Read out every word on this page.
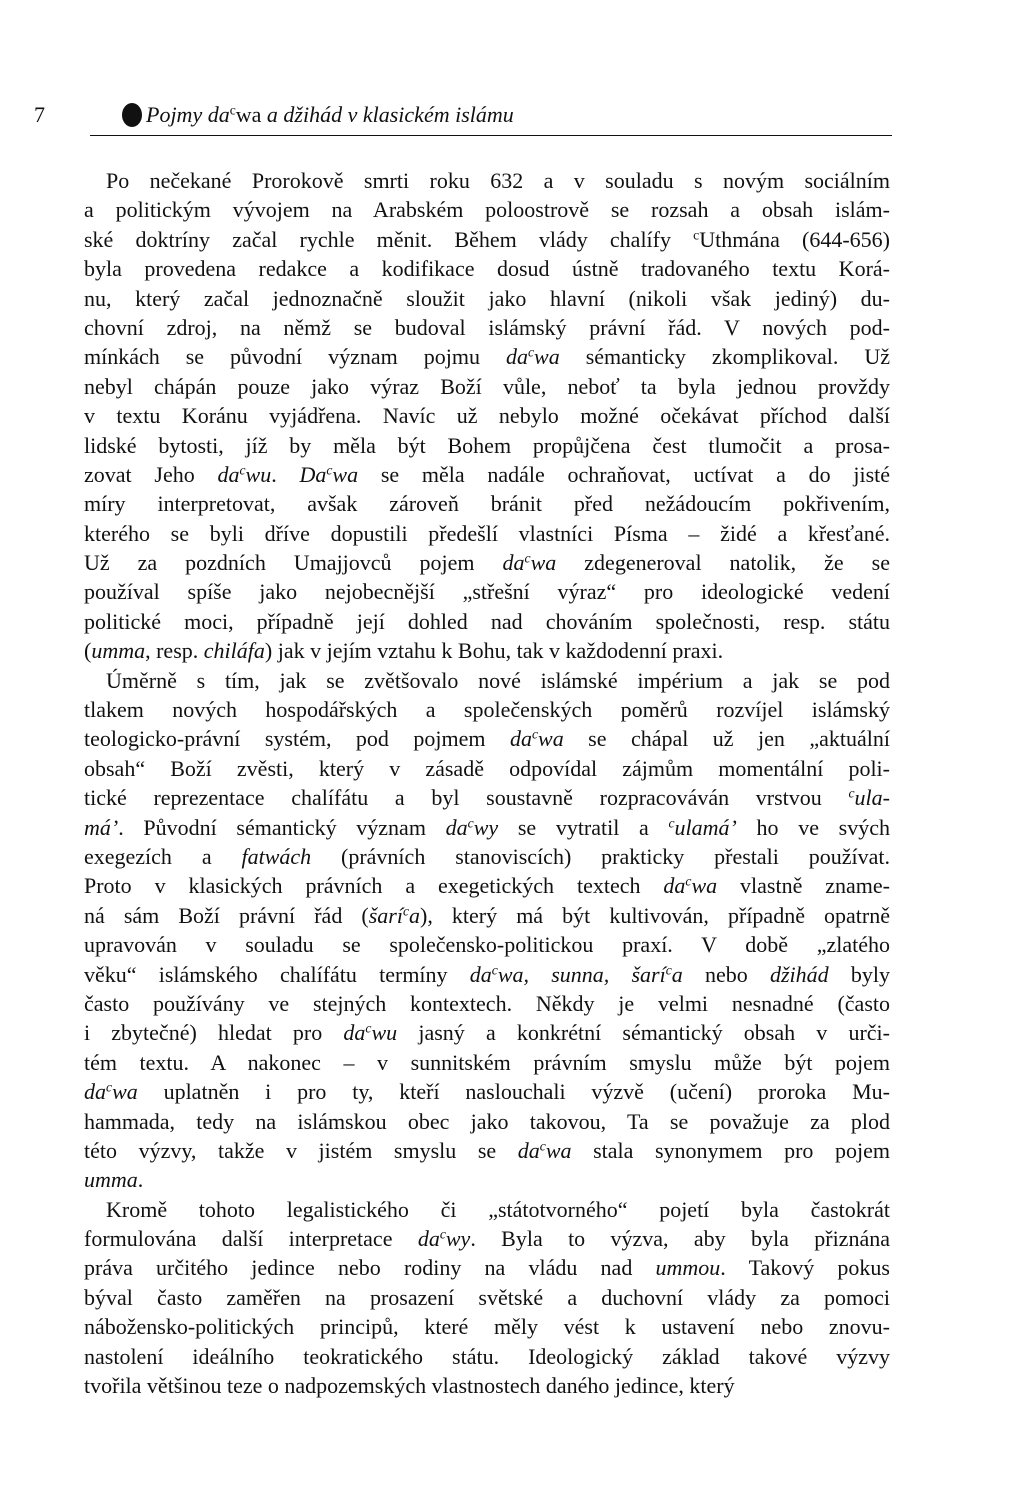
7	Pojmy $da^cwa$ a džihád v klasickém islámu
Po nečekané Prorokově smrti roku 632 a v souladu s novým sociálním
a politickým vývojem na Arabském poloostrově se rozsah a obsah islám-
ské doktríny začal rychle měnit. Během vlády chalífy $^c$Uthmána (644-656)
byla provedena redakce a kodifikace dosud ústně tradovaného textu Korá-
nu, který začal jednoznačně sloužit jako hlavní (nikoli však jediný) du-
chovní zdroj, na němž se budoval islámský právní řád. V nových pod-
mínkách se původní význam pojmu $da^cwa$ sémanticky zkomplikoval. Už
nebyl chápán pouze jako výraz Boží vůle, neboť ta byla jednou provždy
v textu Koránu vyjádřena. Navíc už nebylo možné očekávat příchod další
lidské bytosti, jíž by měla být Bohem propůjčena čest tlumočit a prosa-
zovat Jeho $da^cwu$. Da$^c$wa se měla nadále ochraňovat, uctívat a do jisté
míry interpretovat, avšak zároveň bránit před nežádoucím pokřivením,
kterého se byli dříve dopustili předešlí vlastníci Písma – židé a křesťané.
Už za pozdních Umajjovců pojem $da^cwa$ zdegeneroval natolik, že se
používal spíše jako nejobecnější „střešní výraz“ pro ideologické vedení
politické moci, případně její dohled nad chováním společnosti, resp. státu
(umma, resp. chiláfa) jak v jejím vztahu k Bohu, tak v každodenní praxi.
Úměrně s tím, jak se zvětšovalo nové islámské impérium a jak se pod
tlakem nových hospodářských a společenských poměrů rozvíjel islámský
teologicko-právní systém, pod pojmem $da^cwa$ se chápal už jen „aktuální
obsah“ Boží zvěsti, který v zásadě odpovídal zájmům momentální poli-
tické reprezentace chalífátu a byl soustavně rozpracováván vrstvou $^c$ula-
má’. Původní sémantický význam $da^cwy$ se vytratil a $^c$ulamá’ ho ve svých
exegezích a fatwách (právních stanoviscích) prakticky přestali používat.
Proto v klasických právních a exegetických textech $da^cwa$ vlastně zname-
ná sám Boží právní řád (šarí$^c$a), který má být kultivován, případně opatrně
upravován v souladu se společensko-politickou praxí. V době „zlatého
věku“ islámského chalífátu termíny $da^cwa$, sunna, šarí$^c$a nebo džihád byly
často používány ve stejných kontextech. Někdy je velmi nesnadné (často
i zbytečné) hledat pro $da^cwu$ jasný a konkrétní sémantický obsah v urči-
tém textu. A nakonec – v sunnitském právním smyslu může být pojem
$da^cwa$ uplatněn i pro ty, kteří naslouchali výzvě (učení) proroka Mu-
hammada, tedy na islámskou obec jako takovou, Ta se považuje za plod
této výzvy, takže v jistém smyslu se $da^cwa$ stala synonymem pro pojem
umma.
Kromě tohoto legalistického či „státotvorného“ pojetí byla častokrát
formulována další interpretace $da^cwy$. Byla to výzva, aby byla přiznána
práva určitého jedince nebo rodiny na vládu nad ummou. Takový pokus
býval často zaměřen na prosazení světské a duchovní vlády za pomoci
nábožensko-politických principů, které měly vést k ustavení nebo znovu-
nastolení ideálního teokratického státu. Ideologický základ takové výzvy
tvořila většinou teze o nadpozemských vlastnostech daného jedince, který
